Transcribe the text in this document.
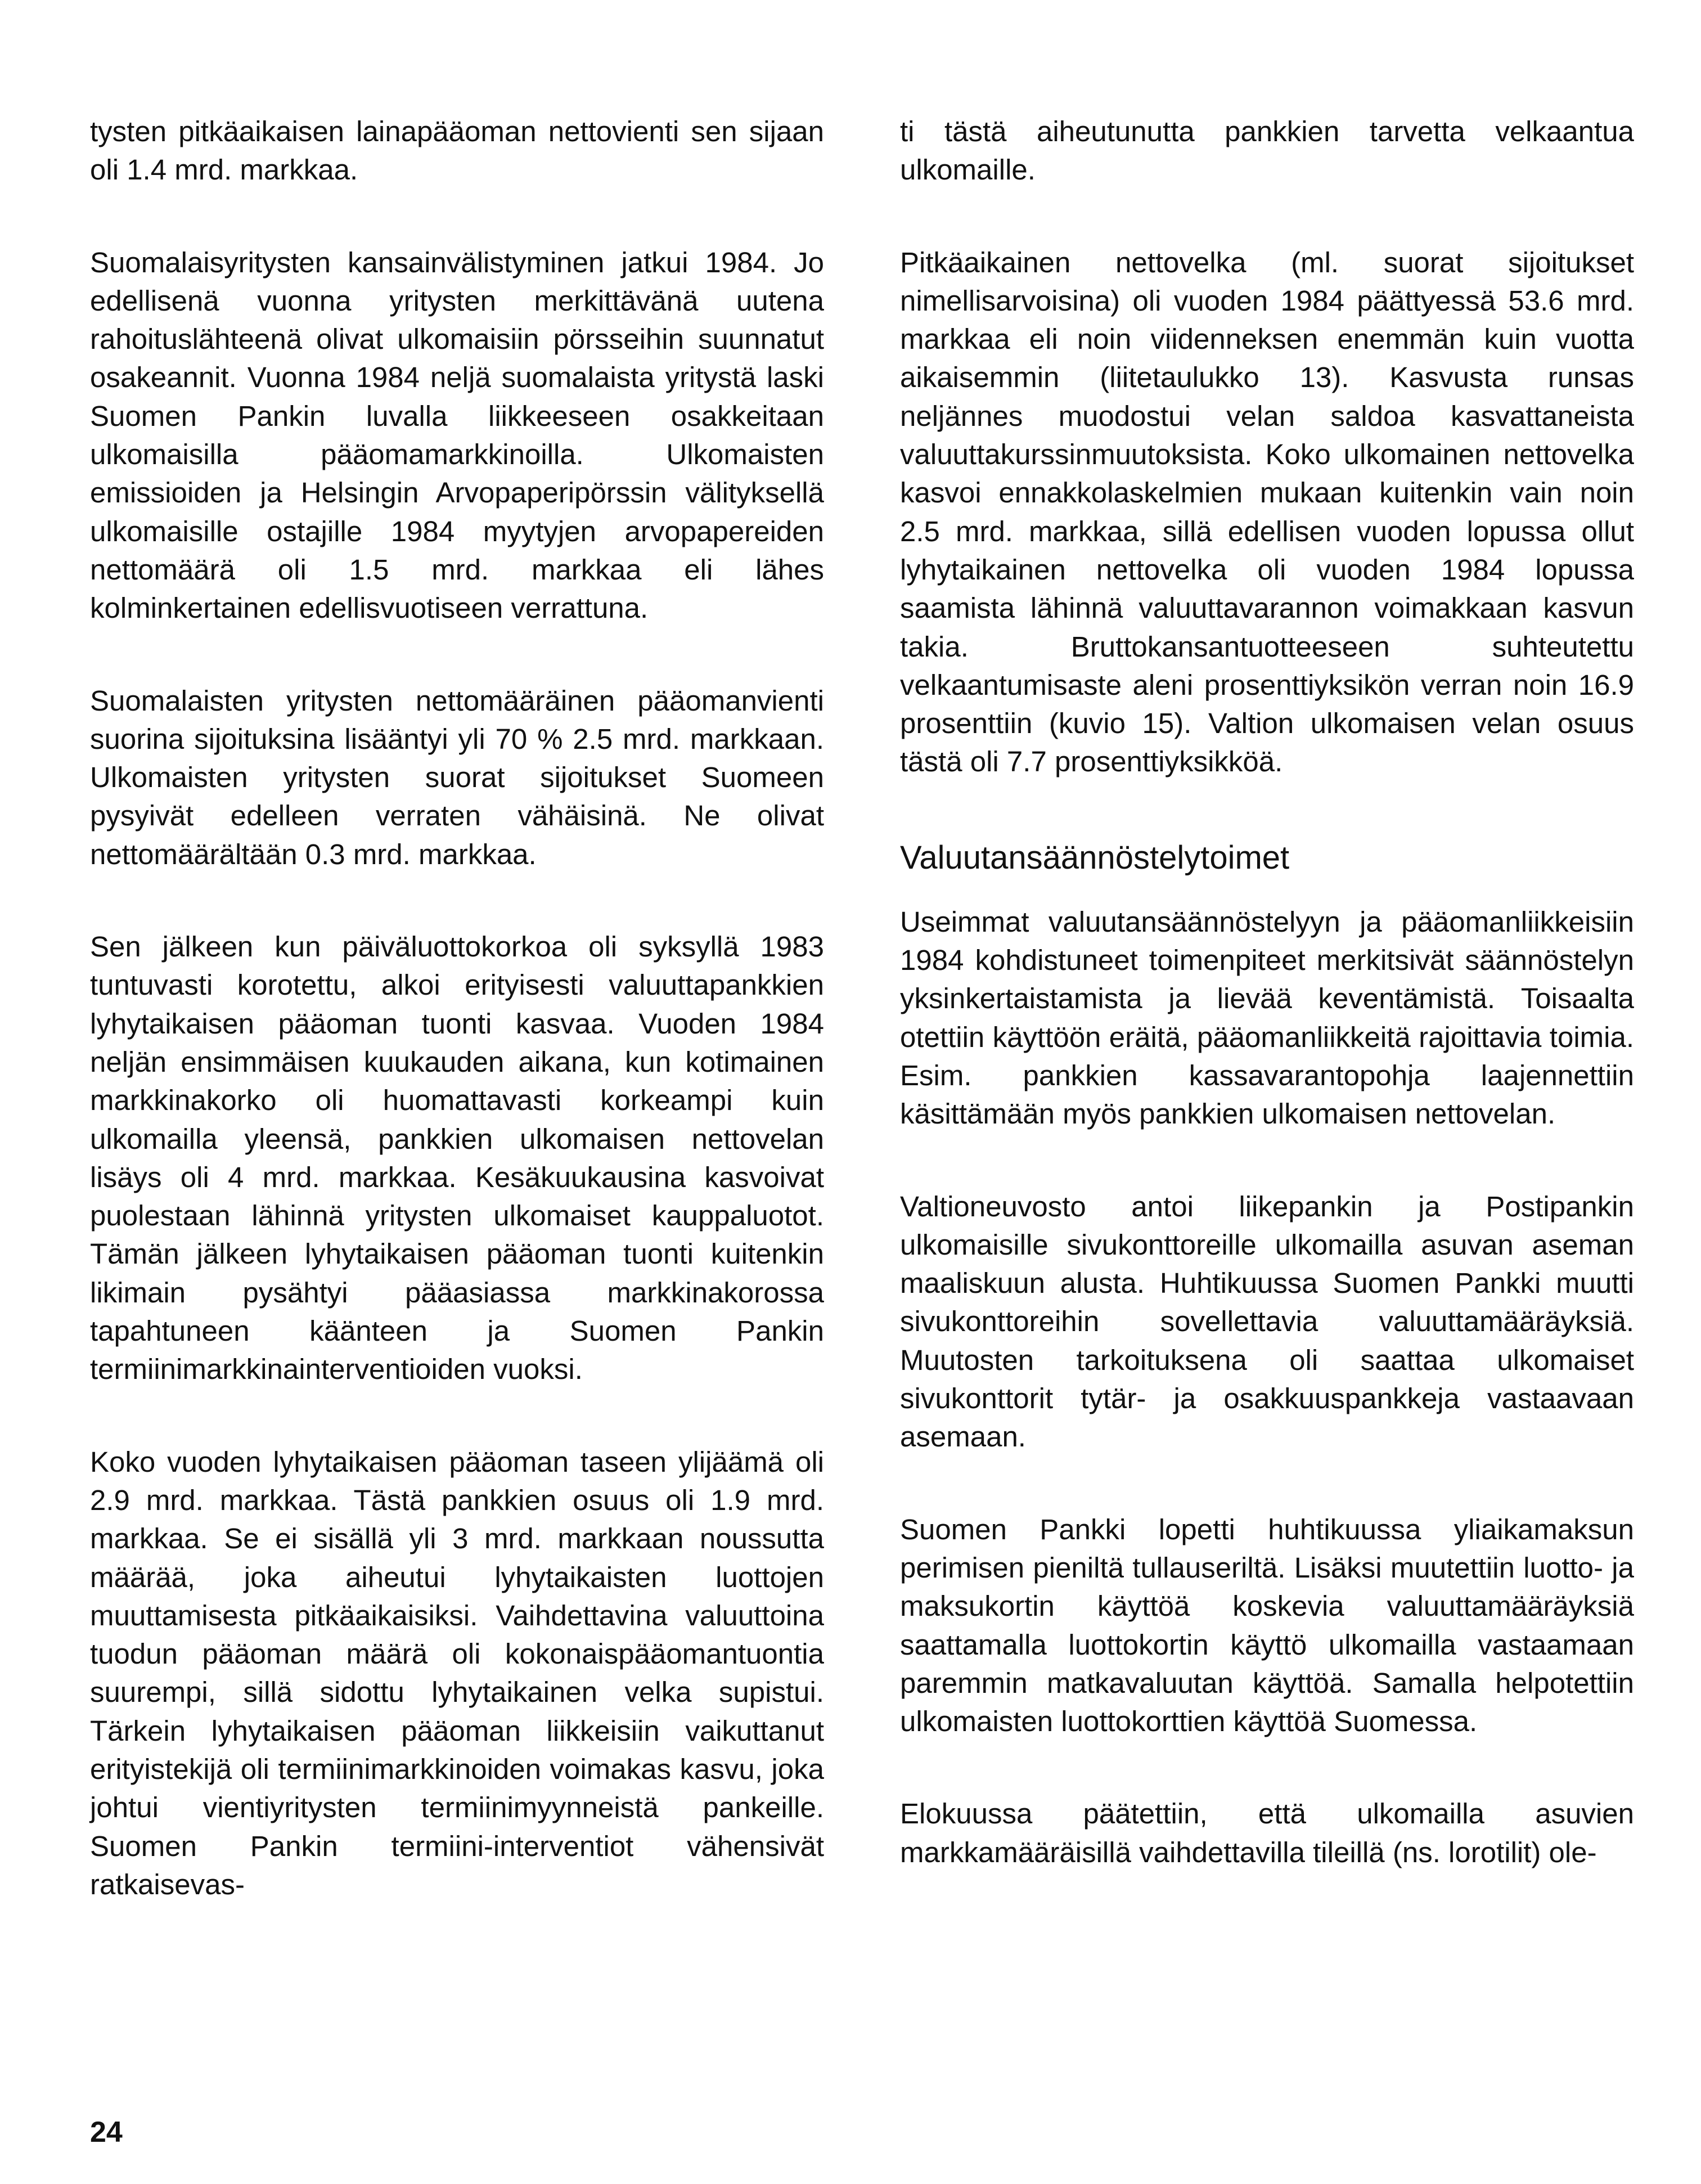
tysten pitkäaikaisen lainapääoman nettovienti sen sijaan oli 1.4 mrd. markkaa.

Suomalaisyritysten kansainvälistyminen jatkui 1984. Jo edellisenä vuonna yritysten merkittävänä uutena rahoituslähteenä olivat ulkomaisiin pörsseihin suunnatut osakeannit. Vuonna 1984 neljä suomalaista yritystä laski Suomen Pankin luvalla liikkeeseen osakkeitaan ulkomaisilla pääomamarkkinoilla. Ulkomaisten emissioiden ja Helsingin Arvopaperipörssin välityksellä ulkomaisille ostajille 1984 myytyjen arvopapereiden nettomäärä oli 1.5 mrd. markkaa eli lähes kolminkertainen edellisvuotiseen verrattuna.

Suomalaisten yritysten nettomääräinen pääomanvienti suorina sijoituksina lisääntyi yli 70 % 2.5 mrd. markkaan. Ulkomaisten yritysten suorat sijoitukset Suomeen pysyivät edelleen verraten vähäisinä. Ne olivat nettomäärältään 0.3 mrd. markkaa.

Sen jälkeen kun päiväluottokorkoa oli syksyllä 1983 tuntuvasti korotettu, alkoi erityisesti valuuttapankkien lyhytaikaisen pääoman tuonti kasvaa. Vuoden 1984 neljän ensimmäisen kuukauden aikana, kun kotimainen markkinakorko oli huomattavasti korkeampi kuin ulkomailla yleensä, pankkien ulkomaisen nettovelan lisäys oli 4 mrd. markkaa. Kesäkuukausina kasvoivat puolestaan lähinnä yritysten ulkomaiset kauppaluotot. Tämän jälkeen lyhytaikaisen pääoman tuonti kuitenkin likimain pysähtyi pääasiassa markkinakorossa tapahtuneen käänteen ja Suomen Pankin termiinimarkkinainterventioiden vuoksi.

Koko vuoden lyhytaikaisen pääoman taseen ylijäämä oli 2.9 mrd. markkaa. Tästä pankkien osuus oli 1.9 mrd. markkaa. Se ei sisällä yli 3 mrd. markkaan noussutta määrää, joka aiheutui lyhytaikaisten luottojen muuttamisesta pitkäaikaisiksi. Vaihdettavina valuuttoina tuodun pääoman määrä oli kokonaispääomantuontia suurempi, sillä sidottu lyhytaikainen velka supistui. Tärkein lyhytaikaisen pääoman liikkeisiin vaikuttanut erityistekijä oli termiinimarkkinoiden voimakas kasvu, joka johtui vientiyritysten termiinimyynneistä pankeille. Suomen Pankin termiini-interventiot vähensivät ratkaisevas-

ti tästä aiheutunutta pankkien tarvetta velkaantua ulkomaille.

Pitkäaikainen nettovelka (ml. suorat sijoitukset nimellisarvoisina) oli vuoden 1984 päättyessä 53.6 mrd. markkaa eli noin viidenneksen enemmän kuin vuotta aikaisemmin (liitetaulukko 13). Kasvusta runsas neljännes muodostui velan saldoa kasvattaneista valuuttakurssinmuutoksista. Koko ulkomainen nettovelka kasvoi ennakkolaskelmien mukaan kuitenkin vain noin 2.5 mrd. markkaa, sillä edellisen vuoden lopussa ollut lyhytaikainen nettovelka oli vuoden 1984 lopussa saamista lähinnä valuuttavarannon voimakkaan kasvun takia. Bruttokansantuotteeseen suhteutettu velkaantumisaste aleni prosenttiyksikön verran noin 16.9 prosenttiin (kuvio 15). Valtion ulkomaisen velan osuus tästä oli 7.7 prosenttiyksikköä.

Valuutansäännöstelytoimet

Useimmat valuutansäännöstelyyn ja pääomanliikkeisiin 1984 kohdistuneet toimenpiteet merkitsivät säännöstelyn yksinkertaistamista ja lievää keventämistä. Toisaalta otettiin käyttöön eräitä, pääomanliikkeitä rajoittavia toimia. Esim. pankkien kassavarantopohja laajennettiin käsittämään myös pankkien ulkomaisen nettovelan.

Valtioneuvosto antoi liikepankin ja Postipankin ulkomaisille sivukonttoreille ulkomailla asuvan aseman maaliskuun alusta. Huhtikuussa Suomen Pankki muutti sivukonttoreihin sovellettavia valuuttamääräyksiä. Muutosten tarkoituksena oli saattaa ulkomaiset sivukonttorit tytär- ja osakkuuspankkeja vastaavaan asemaan.

Suomen Pankki lopetti huhtikuussa yliaikamaksun perimisen pieniltä tullauseriltä. Lisäksi muutettiin luotto- ja maksukortin käyttöä koskevia valuuttamääräyksiä saattamalla luottokortin käyttö ulkomailla vastaamaan paremmin matkavaluutan käyttöä. Samalla helpotettiin ulkomaisten luottokorttien käyttöä Suomessa.

Elokuussa päätettiin, että ulkomailla asuvien markkamääräisillä vaihdettavilla tileillä (ns. lorotilit) ole-

24
